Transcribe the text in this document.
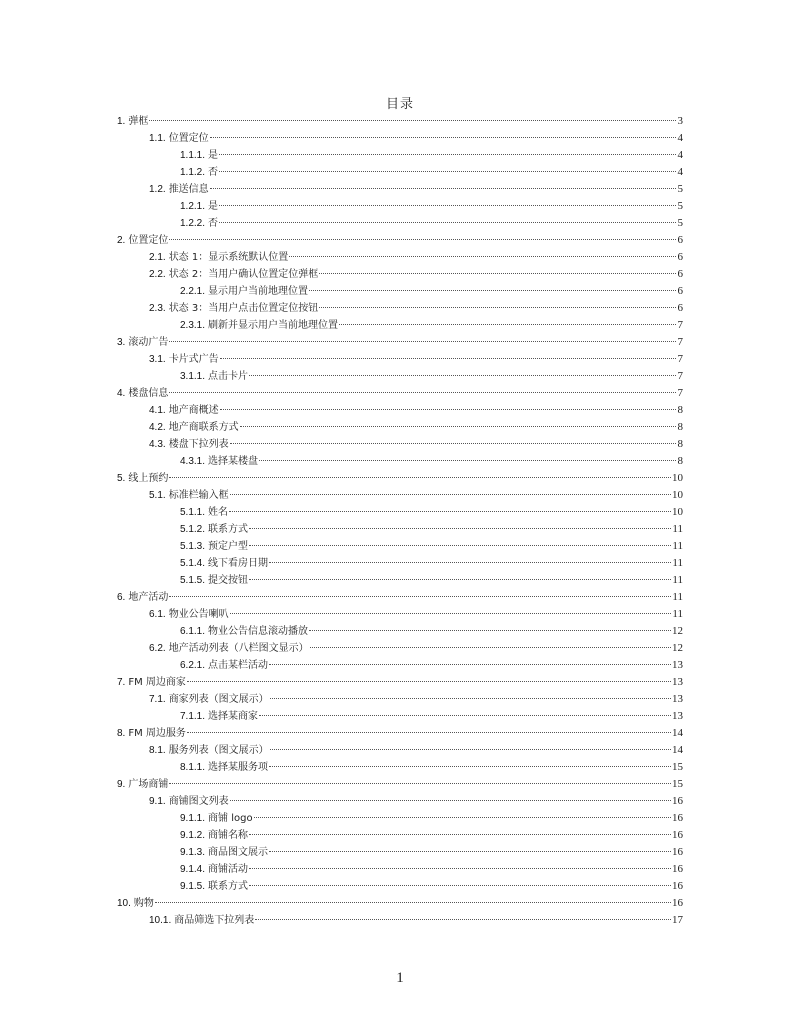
目录
1. 弹框	3
1.1. 位置定位	4
1.1.1. 是	4
1.1.2. 否	4
1.2. 推送信息	5
1.2.1. 是	5
1.2.2. 否	5
2. 位置定位	6
2.1. 状态 1：显示系统默认位置	6
2.2. 状态 2：当用户确认位置定位弹框	6
2.2.1. 显示用户当前地理位置	6
2.3. 状态 3：当用户点击位置定位按钮	6
2.3.1. 刷新并显示用户当前地理位置	7
3. 滚动广告	7
3.1. 卡片式广告	7
3.1.1. 点击卡片	7
4. 楼盘信息	7
4.1. 地产商概述	8
4.2. 地产商联系方式	8
4.3. 楼盘下拉列表	8
4.3.1. 选择某楼盘	8
5. 线上预约	10
5.1. 标准栏输入框	10
5.1.1. 姓名	10
5.1.2. 联系方式	11
5.1.3. 预定户型	11
5.1.4. 线下看房日期	11
5.1.5. 提交按钮	11
6. 地产活动	11
6.1. 物业公告喇叭	11
6.1.1. 物业公告信息滚动播放	12
6.2. 地产活动列表（八栏图文显示）	12
6.2.1. 点击某栏活动	13
7. FM 周边商家	13
7.1. 商家列表（图文展示）	13
7.1.1. 选择某商家	13
8. FM 周边服务	14
8.1. 服务列表（图文展示）	14
8.1.1. 选择某服务项	15
9. 广场商铺	15
9.1. 商铺图文列表	16
9.1.1. 商铺 logo	16
9.1.2. 商铺名称	16
9.1.3. 商品图文展示	16
9.1.4. 商铺活动	16
9.1.5. 联系方式	16
10. 购物	16
10.1. 商品筛选下拉列表	17
1
